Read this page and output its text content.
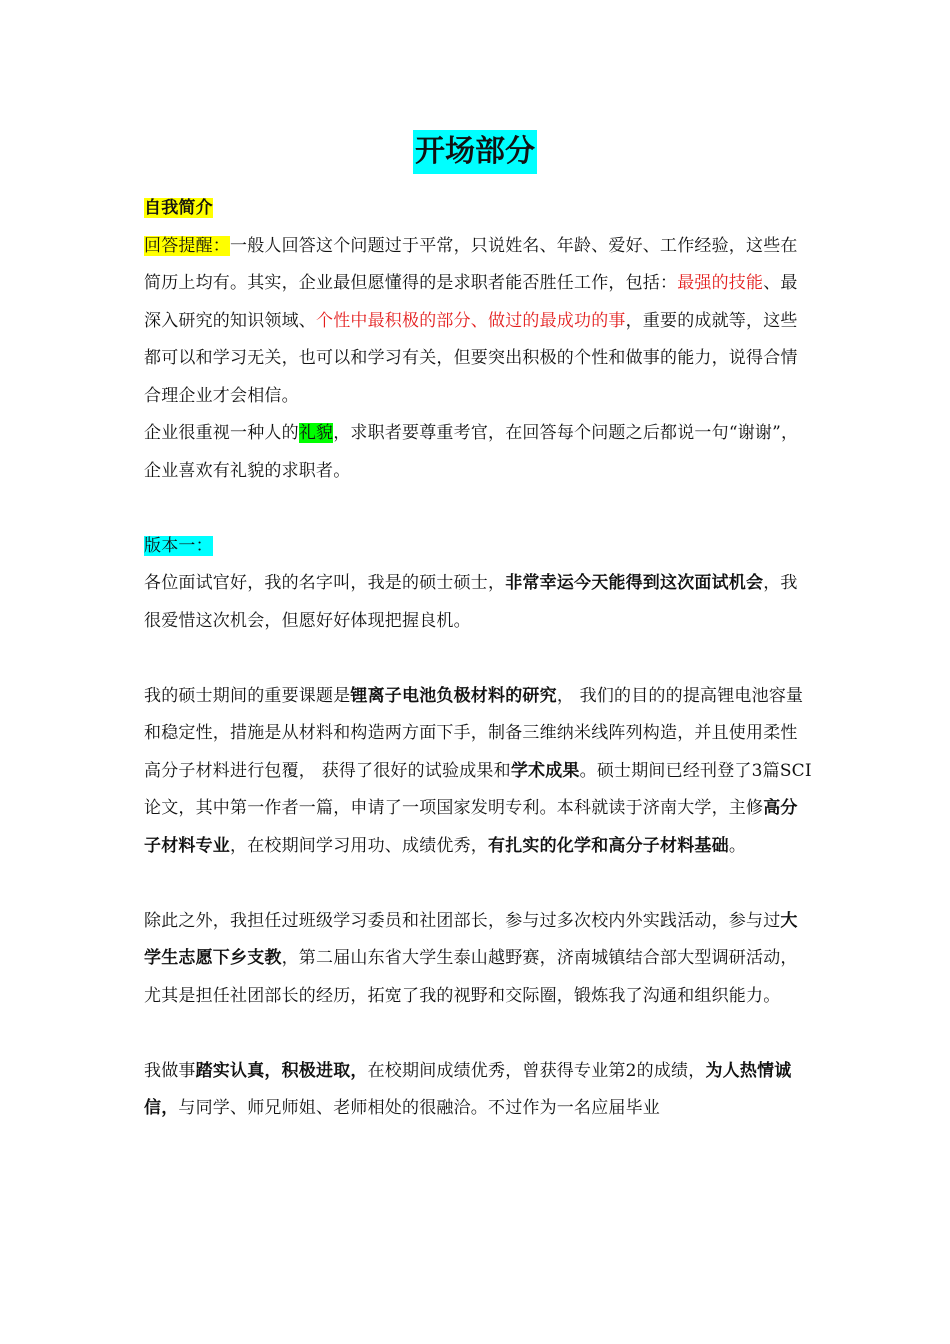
开场部分

自我简介

回答提醒：一般人回答这个问题过于平常，只说姓名、年龄、爱好、工作经验，这些在简历上均有。其实，企业最但愿懂得的是求职者能否胜任工作，包括：最强的技能、最深入研究的知识领域、个性中最积极的部分、做过的最成功的事，重要的成就等，这些都可以和学习无关，也可以和学习有关，但要突出积极的个性和做事的能力，说得合情合理企业才会相信。

企业很重视一种人的礼貌，求职者要尊重考官，在回答每个问题之后都说一句“谢谢”，企业喜欢有礼貌的求职者。

版本一：

各位面试官好，我的名字叫，我是的硕士硕士，非常幸运今天能得到这次面试机会，我很爱惜这次机会，但愿好好体现把握良机。

我的硕士期间的重要课题是锂离子电池负极材料的研究， 我们的目的的提高锂电池容量和稳定性，措施是从材料和构造两方面下手，制备三维纳米线阵列构造，并且使用柔性高分子材料进行包覆， 获得了很好的试验成果和学术成果。硕士期间已经刊登了3篇SCI论文，其中第一作者一篇，申请了一项国家发明专利。本科就读于济南大学，主修高分子材料专业，在校期间学习用功、成绩优秀，有扎实的化学和高分子材料基础。

除此之外，我担任过班级学习委员和社团部长，参与过多次校内外实践活动，参与过大学生志愿下乡支教，第二届山东省大学生泰山越野赛，济南城镇结合部大型调研活动，尤其是担任社团部长的经历，拓宽了我的视野和交际圈，锻炼我了沟通和组织能力。

我做事踏实认真，积极进取，在校期间成绩优秀，曾获得专业第2的成绩，为人热情诚信，与同学、师兄师姐、老师相处的很融洽。不过作为一名应届毕业
